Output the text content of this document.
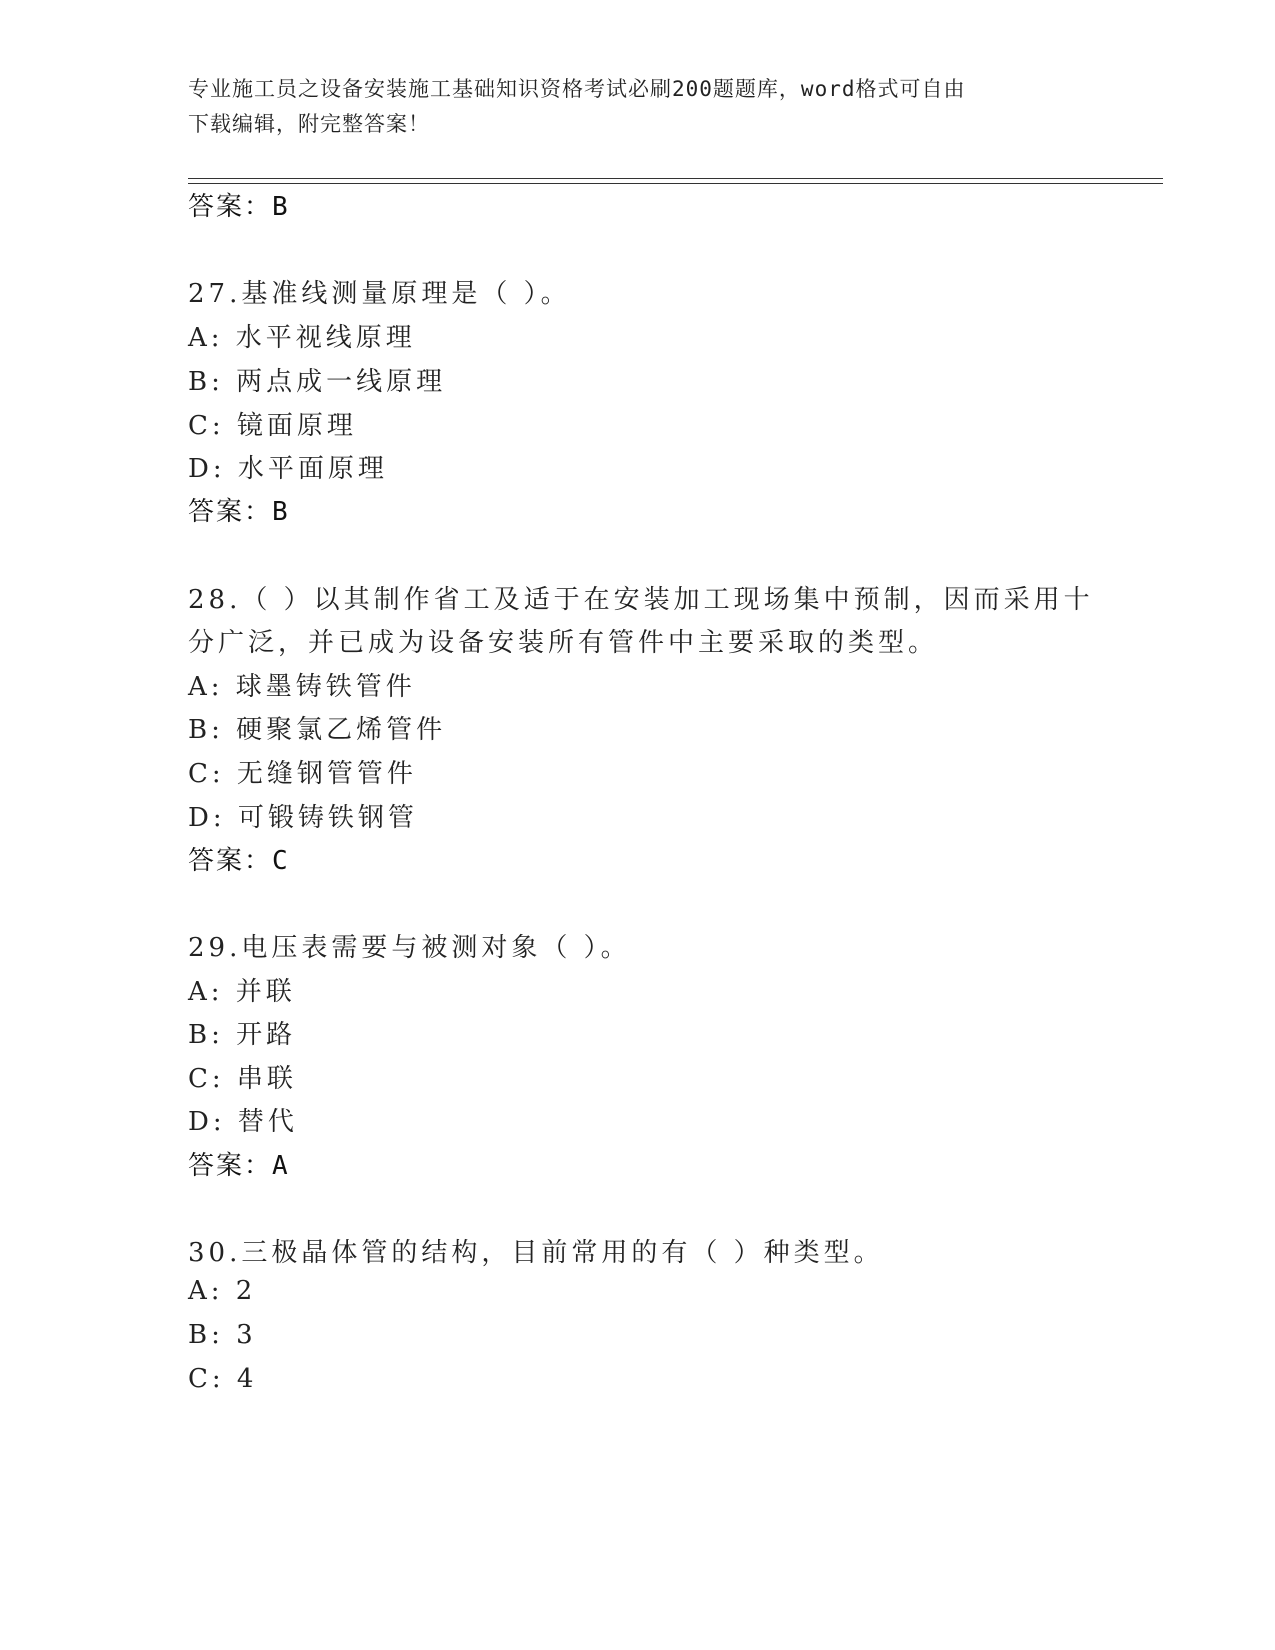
专业施工员之设备安装施工基础知识资格考试必刷200题题库，word格式可自由
下载编辑，附完整答案！
答案：B
27.基准线测量原理是（ ）。
A: 水平视线原理
B: 两点成一线原理
C: 镜面原理
D: 水平面原理
答案：B
28.（ ）以其制作省工及适于在安装加工现场集中预制，因而采用十
分广泛，并已成为设备安装所有管件中主要采取的类型。
A: 球墨铸铁管件
B: 硬聚氯乙烯管件
C: 无缝钢管管件
D: 可锻铸铁钢管
答案：C
29.电压表需要与被测对象（ ）。
A: 并联
B: 开路
C: 串联
D: 替代
答案：A
30.三极晶体管的结构，目前常用的有（ ）种类型。
A: 2
B: 3
C: 4
